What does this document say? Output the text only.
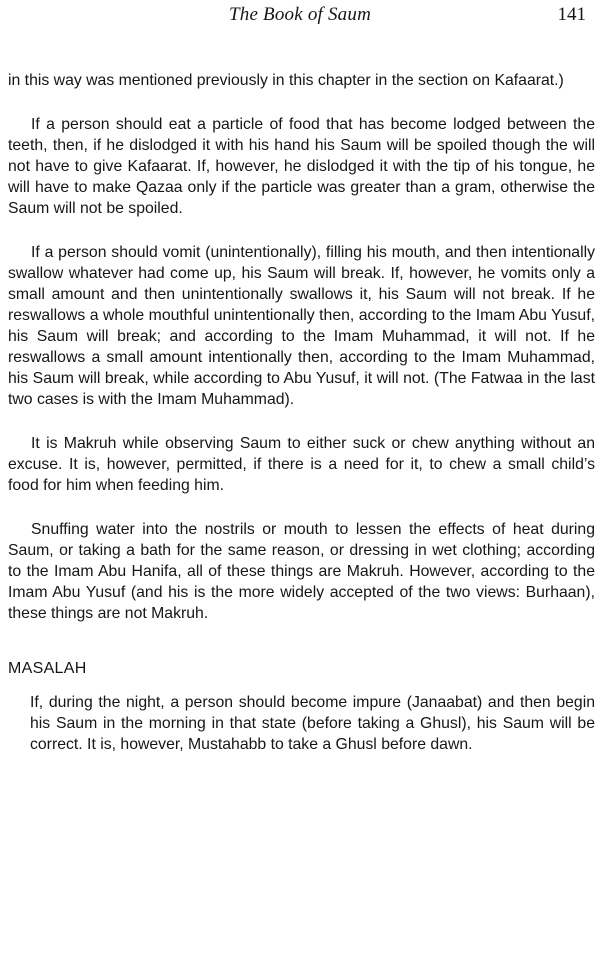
The Book of Saum	141

in this way was mentioned previously in this chapter in the section on Kafaarat.)

If a person should eat a particle of food that has become lodged between the teeth, then, if he dislodged it with his hand his Saum will be spoiled though the will not have to give Kafaarat. If, however, he dislodged it with the tip of his tongue, he will have to make Qazaa only if the particle was greater than a gram, otherwise the Saum will not be spoiled.

If a person should vomit (unintentionally), filling his mouth, and then intentionally swallow whatever had come up, his Saum will break. If, however, he vomits only a small amount and then unintentionally swallows it, his Saum will not break. If he reswallows a whole mouthful unintentionally then, according to the Imam Abu Yusuf, his Saum will break; and according to the Imam Muhammad, it will not. If he reswallows a small amount intentionally then, according to the Imam Muhammad, his Saum will break, while according to Abu Yusuf, it will not. (The Fatwaa in the last two cases is with the Imam Muhammad).

It is Makruh while observing Saum to either suck or chew anything without an excuse. It is, however, permitted, if there is a need for it, to chew a small child’s food for him when feeding him.

Snuffing water into the nostrils or mouth to lessen the effects of heat during Saum, or taking a bath for the same reason, or dressing in wet clothing; according to the Imam Abu Hanifa, all of these things are Makruh. However, according to the Imam Abu Yusuf (and his is the more widely accepted of the two views: Burhaan), these things are not Makruh.

MASALAH

If, during the night, a person should become impure (Janaabat) and then begin his Saum in the morning in that state (before taking a Ghusl), his Saum will be correct. It is, however, Mustahabb to take a Ghusl before dawn.
